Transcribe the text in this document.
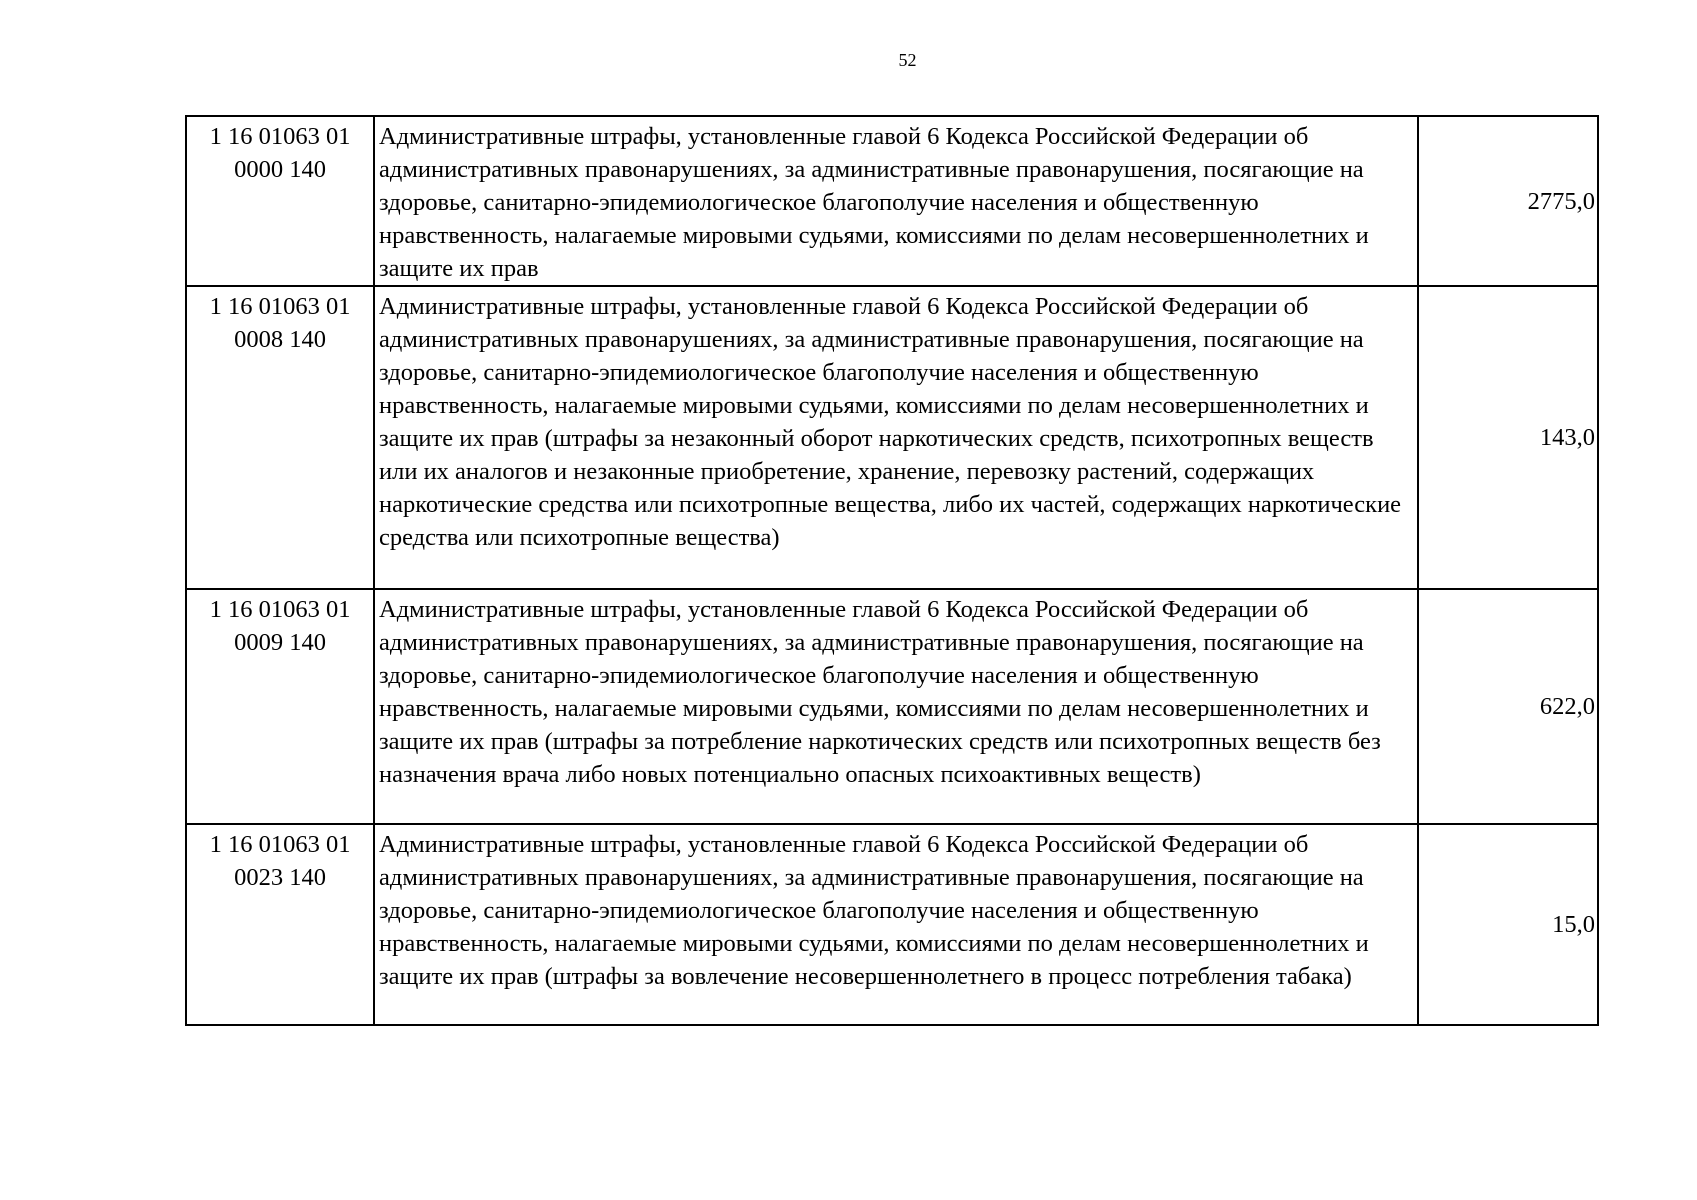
52
1 16 01063 01
0000 140	Административные штрафы, установленные главой 6 Кодекса Российской Федерации об административных правонарушениях, за административные правонарушения, посягающие на здоровье, санитарно-эпидемиологическое благополучие населения и общественную нравственность, налагаемые мировыми судьями, комиссиями по делам несовершеннолетних и защите их прав	2775,0

1 16 01063 01
0008 140	Административные штрафы, установленные главой 6 Кодекса Российской Федерации об административных правонарушениях, за административные правонарушения, посягающие на здоровье, санитарно-эпидемиологическое благополучие населения и общественную нравственность, налагаемые мировыми судьями, комиссиями по делам несовершеннолетних и защите их прав (штрафы за незаконный оборот наркотических средств, психотропных веществ или их аналогов и незаконные приобретение, хранение, перевозку растений, содержащих наркотические средства или психотропные вещества, либо их частей, содержащих наркотические средства или психотропные вещества)	143,0

1 16 01063 01
0009 140	Административные штрафы, установленные главой 6 Кодекса Российской Федерации об административных правонарушениях, за административные правонарушения, посягающие на здоровье, санитарно-эпидемиологическое благополучие населения и общественную нравственность, налагаемые мировыми судьями, комиссиями по делам несовершеннолетних и защите их прав (штрафы за потребление наркотических средств или психотропных веществ без назначения врача либо новых потенциально опасных психоактивных веществ)	622,0

1 16 01063 01
0023 140	Административные штрафы, установленные главой 6 Кодекса Российской Федерации об административных правонарушениях, за административные правонарушения, посягающие на здоровье, санитарно-эпидемиологическое благополучие населения и общественную нравственность, налагаемые мировыми судьями, комиссиями по делам несовершеннолетних и защите их прав (штрафы за вовлечение несовершеннолетнего в процесс потребления табака)	15,0
